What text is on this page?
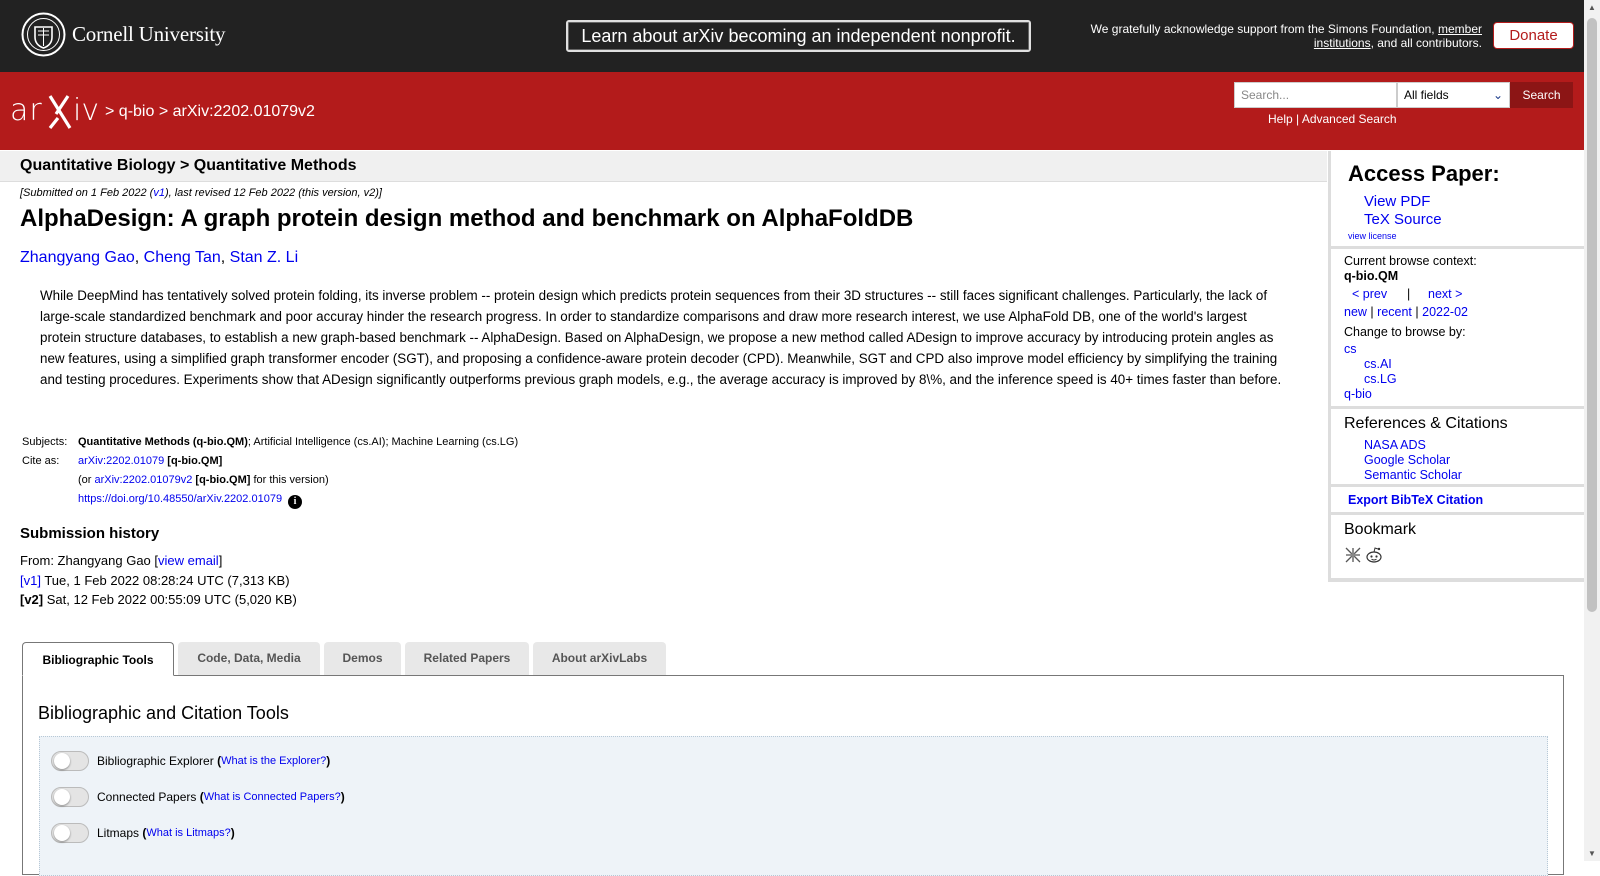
Cornell University	Learn about arXiv becoming an independent nonprofit.	We gratefully acknowledge support from the Simons Foundation, member institutions, and all contributors.	Donate
ar iv > q-bio > arXiv:2202.01079v2
Search...
All fields	⌄	Search
Help | Advanced Search
Quantitative Biology > Quantitative Methods
[Submitted on 1 Feb 2022 (v1), last revised 12 Feb 2022 (this version, v2)]
AlphaDesign: A graph protein design method and benchmark on AlphaFoldDB
Zhangyang Gao, Cheng Tan, Stan Z. Li

While DeepMind has tentatively solved protein folding, its inverse problem -- protein design which predicts protein sequences from their 3D structures -- still faces significant challenges. Particularly, the lack of large-scale standardized benchmark and poor accuray hinder the research progress. In order to standardize comparisons and draw more research interest, we use AlphaFold DB, one of the world's largest protein structure databases, to establish a new graph-based benchmark -- AlphaDesign. Based on AlphaDesign, we propose a new method called ADesign to improve accuracy by introducing protein angles as new features, using a simplified graph transformer encoder (SGT), and proposing a confidence-aware protein decoder (CPD). Meanwhile, SGT and CPD also improve model efficiency by simplifying the training and testing procedures. Experiments show that ADesign significantly outperforms previous graph models, e.g., the average accuracy is improved by 8\%, and the inference speed is 40+ times faster than before.

Subjects: Quantitative Methods (q-bio.QM); Artificial Intelligence (cs.AI); Machine Learning (cs.LG)
Cite as:	arXiv:2202.01079 [q-bio.QM]
(or arXiv:2202.01079v2 [q-bio.QM] for this version)
https://doi.org/10.48550/arXiv.2202.01079 i
Submission history
From: Zhangyang Gao [view email]
[v1] Tue, 1 Feb 2022 08:28:24 UTC (7,313 KB)
[v2] Sat, 12 Feb 2022 00:55:09 UTC (5,020 KB)
Access Paper:
View PDF
TeX Source
view license
Current browse context:
q-bio.QM
< prev | next >
new | recent | 2022-02
Change to browse by:
cs
cs.AI
cs.LG
q-bio
References & Citations
NASA ADS
Google Scholar
Semantic Scholar
Export BibTeX Citation
Bookmark
Bibliographic Tools	Code, Data, Media	Demos	Related Papers	About arXivLabs
Bibliographic and Citation Tools
Bibliographic Explorer
( What is the Explorer? )
Connected Papers
( What is Connected Papers? )
Litmaps
( What is Litmaps? )
▲
▼
